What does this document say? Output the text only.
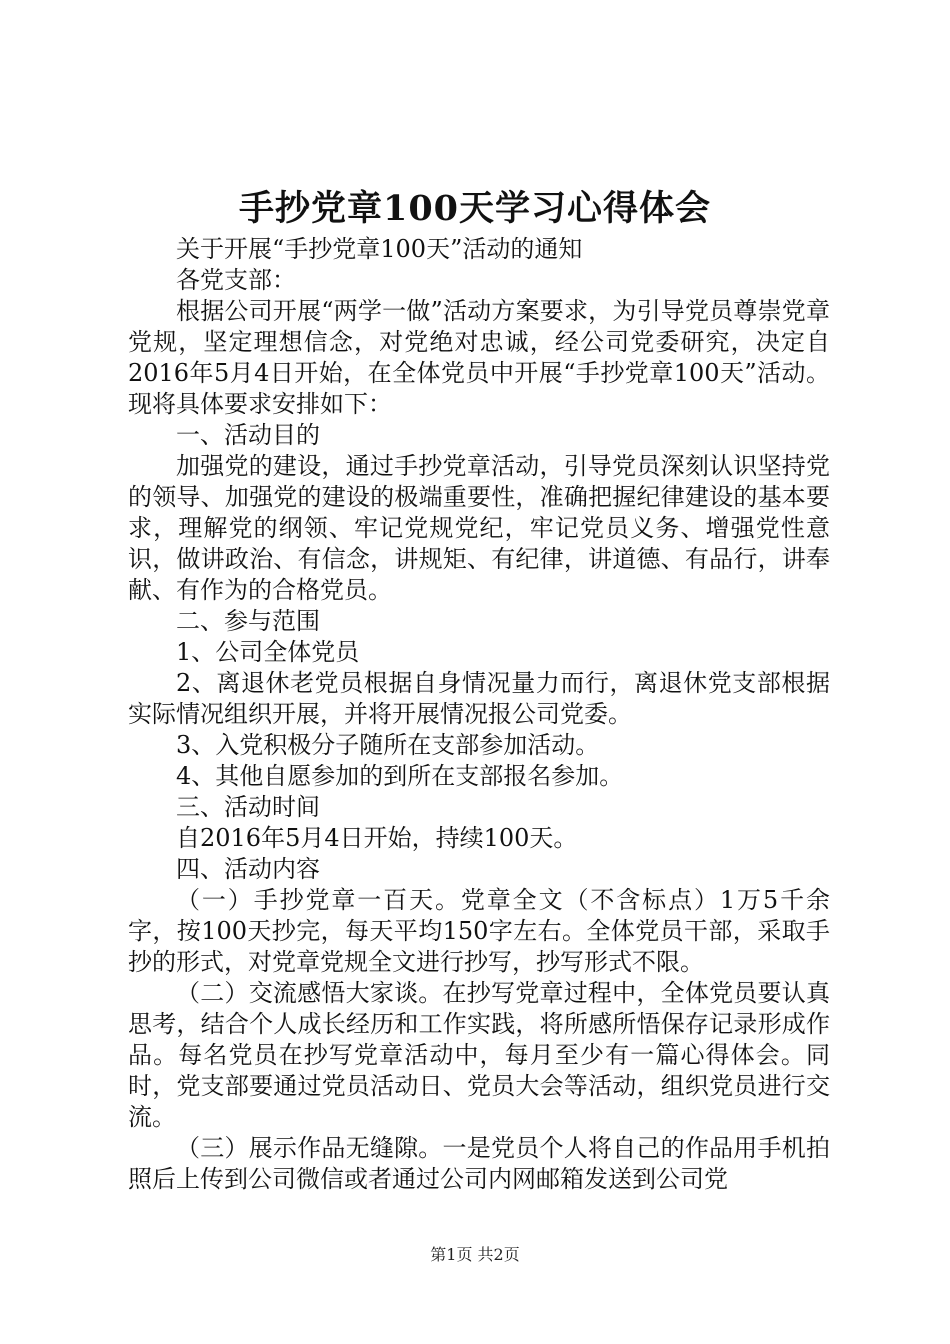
手抄党章100天学习心得体会

关于开展“手抄党章100天”活动的通知

各党支部：

根据公司开展“两学一做”活动方案要求，为引导党员尊崇党章党规，坚定理想信念，对党绝对忠诚，经公司党委研究，决定自2016年5月4日开始，在全体党员中开展“手抄党章100天”活动。现将具体要求安排如下：

一、活动目的

加强党的建设，通过手抄党章活动，引导党员深刻认识坚持党的领导、加强党的建设的极端重要性，准确把握纪律建设的基本要求，理解党的纲领、牢记党规党纪，牢记党员义务、增强党性意识，做讲政治、有信念，讲规矩、有纪律，讲道德、有品行，讲奉献、有作为的合格党员。

二、参与范围

1、公司全体党员

2、离退休老党员根据自身情况量力而行，离退休党支部根据实际情况组织开展，并将开展情况报公司党委。

3、入党积极分子随所在支部参加活动。

4、其他自愿参加的到所在支部报名参加。

三、活动时间

自2016年5月4日开始，持续100天。

四、活动内容

（一）手抄党章一百天。党章全文（不含标点）1万5千余字，按100天抄完，每天平均150字左右。全体党员干部，采取手抄的形式，对党章党规全文进行抄写，抄写形式不限。

（二）交流感悟大家谈。在抄写党章过程中，全体党员要认真思考，结合个人成长经历和工作实践，将所感所悟保存记录形成作品。每名党员在抄写党章活动中，每月至少有一篇心得体会。同时，党支部要通过党员活动日、党员大会等活动，组织党员进行交流。

（三）展示作品无缝隙。一是党员个人将自己的作品用手机拍照后上传到公司微信或者通过公司内网邮箱发送到公司党

第1页 共2页
